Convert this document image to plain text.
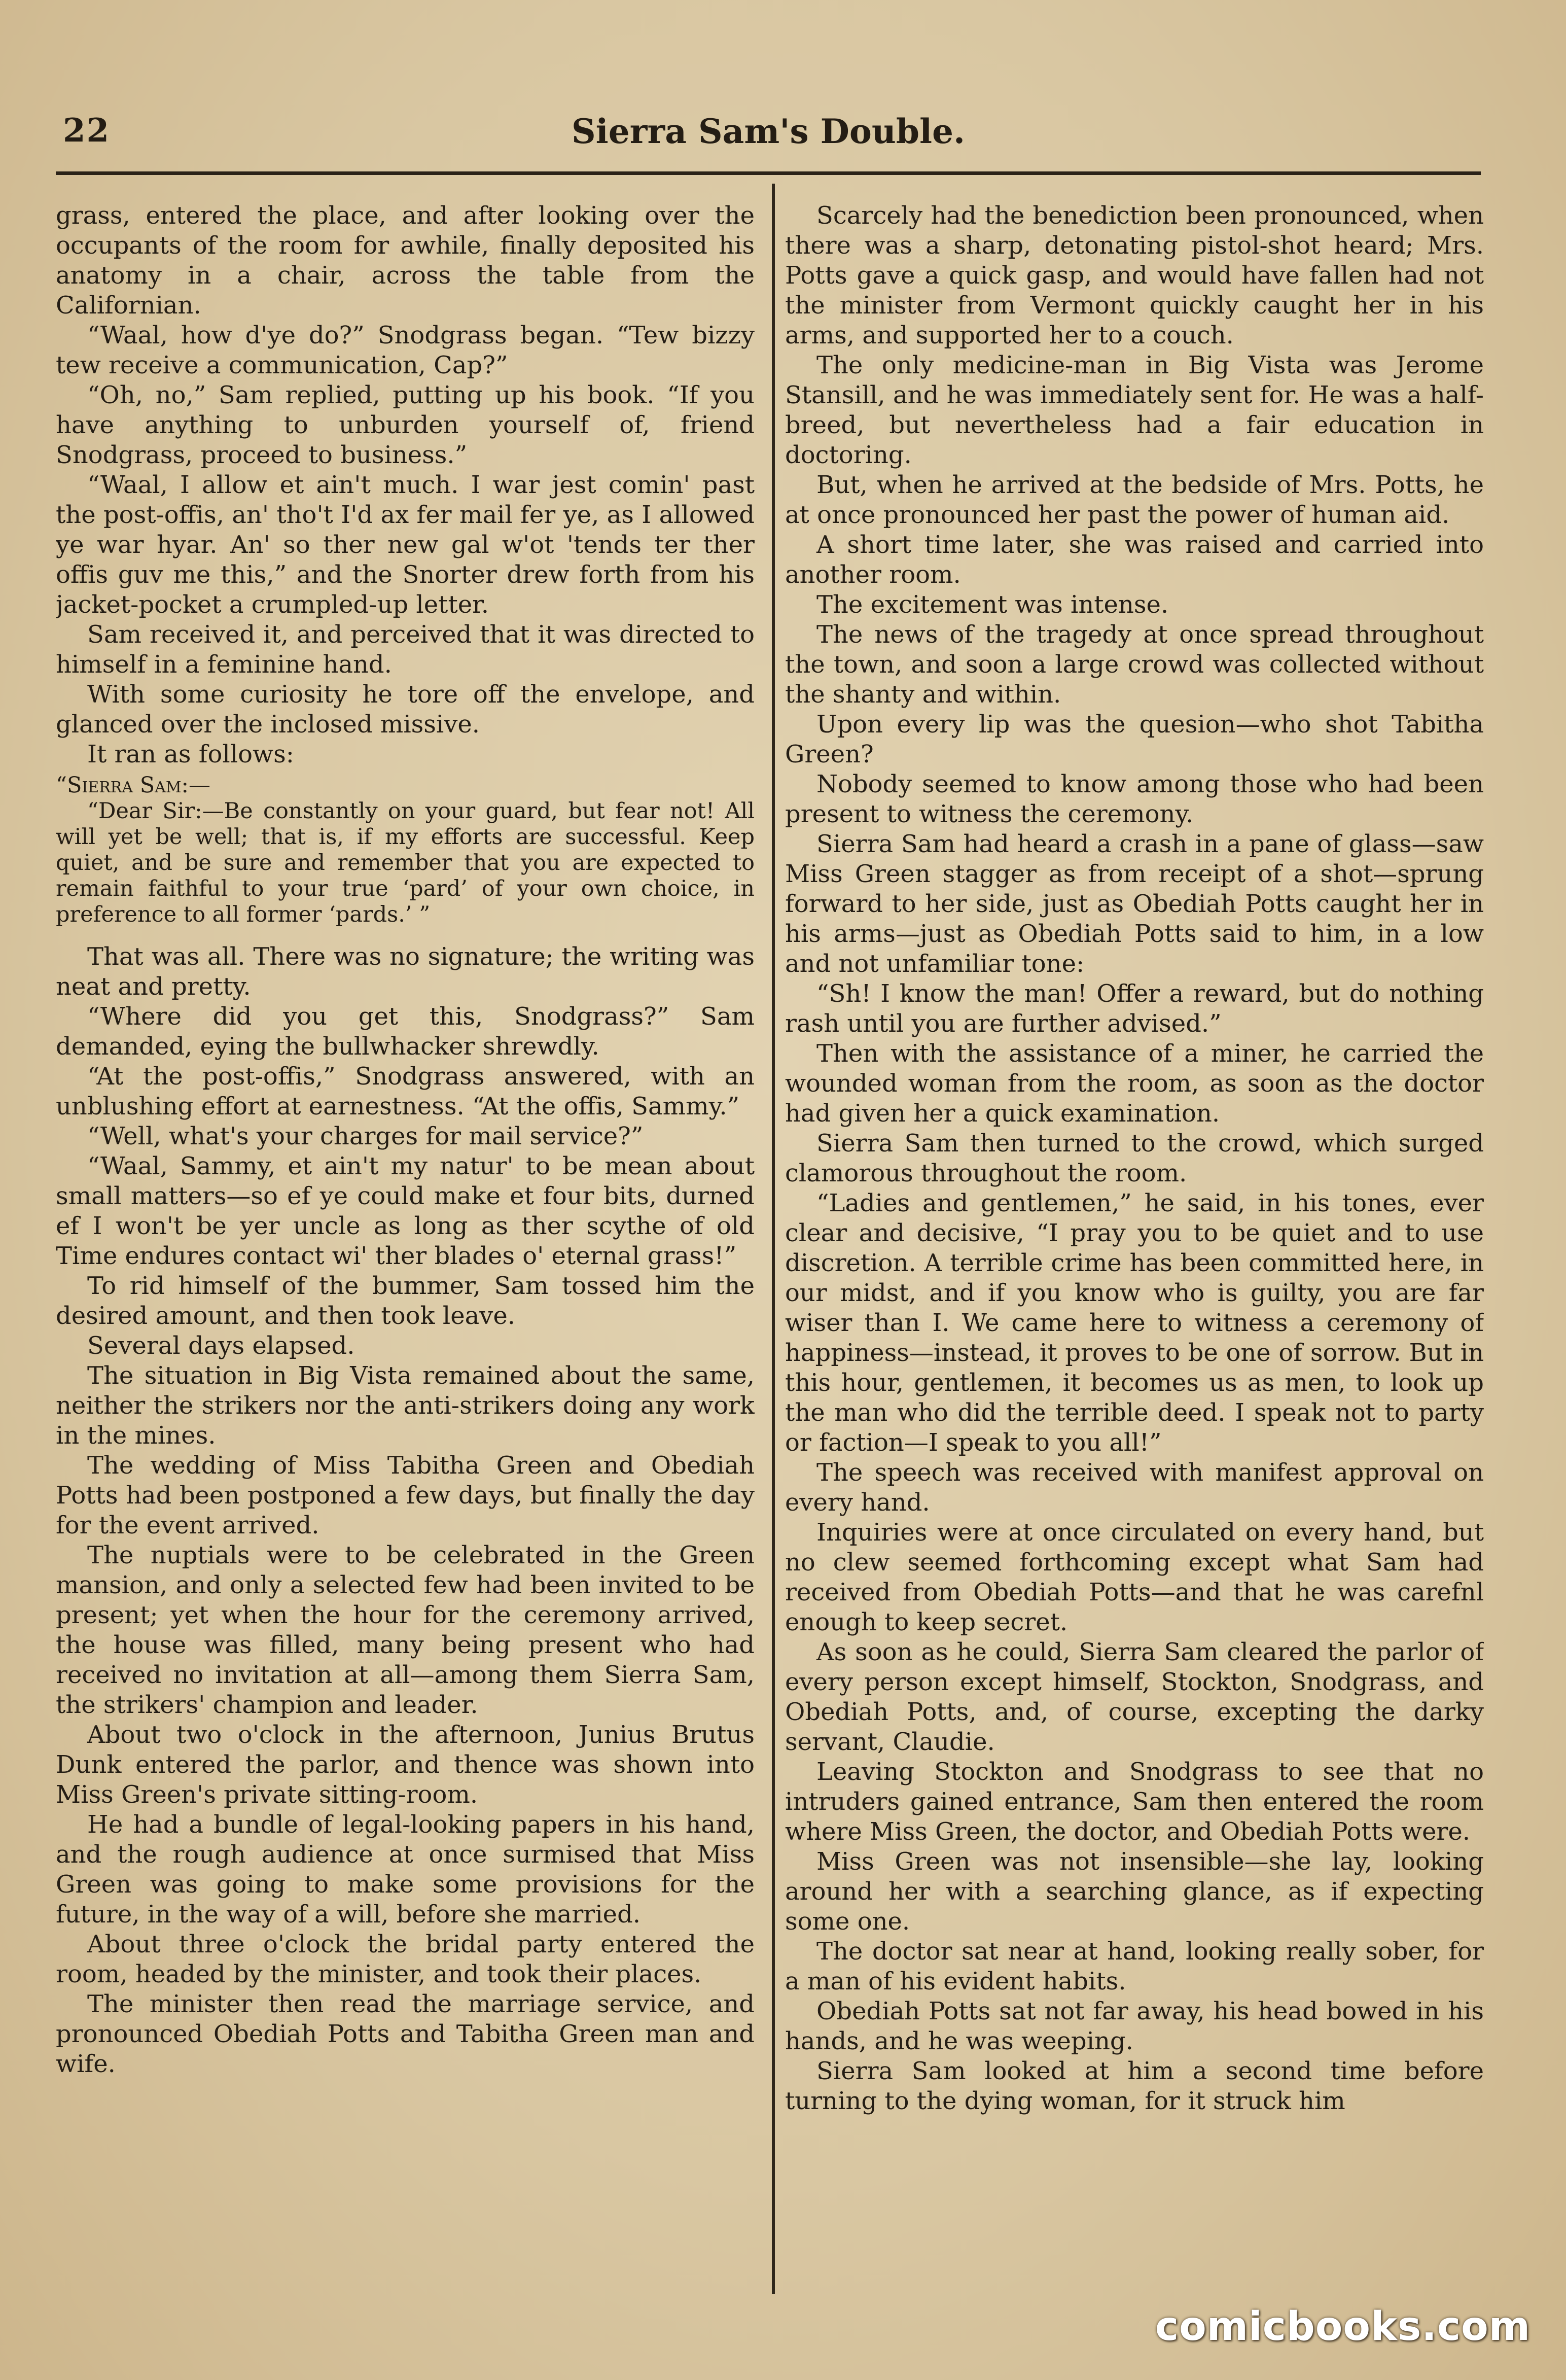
22	Sierra Sam's Double.

grass, entered the place, and after looking over the occupants of the room for awhile, finally deposited his anatomy in a chair, across the table from the Californian.

“Waal, how d'ye do?” Snodgrass began. “Tew bizzy tew receive a communication, Cap?”

“Oh, no,” Sam replied, putting up his book. “If you have anything to unburden yourself of, friend Snodgrass, proceed to business.”

“Waal, I allow et ain't much. I war jest comin' past the post-offis, an' tho't I'd ax fer mail fer ye, as I allowed ye war hyar. An' so ther new gal w'ot 'tends ter ther offis guv me this,” and the Snorter drew forth from his jacket-pocket a crumpled-up letter.

Sam received it, and perceived that it was directed to himself in a feminine hand.

With some curiosity he tore off the envelope, and glanced over the inclosed missive.

It ran as follows:

“Sierra Sam:—

“Dear Sir:—Be constantly on your guard, but fear not! All will yet be well; that is, if my efforts are successful. Keep quiet, and be sure and remember that you are expected to remain faithful to your true ‘pard’ of your own choice, in preference to all former ‘pards.’ ”

That was all. There was no signature; the writing was neat and pretty.

“Where did you get this, Snodgrass?” Sam demanded, eying the bullwhacker shrewdly.

“At the post-offis,” Snodgrass answered, with an unblushing effort at earnestness. “At the offis, Sammy.”

“Well, what's your charges for mail service?”

“Waal, Sammy, et ain't my natur' to be mean about small matters—so ef ye could make et four bits, durned ef I won't be yer uncle as long as ther scythe of old Time endures contact wi' ther blades o' eternal grass!”

To rid himself of the bummer, Sam tossed him the desired amount, and then took leave.

Several days elapsed.

The situation in Big Vista remained about the same, neither the strikers nor the anti-strikers doing any work in the mines.

The wedding of Miss Tabitha Green and Obediah Potts had been postponed a few days, but finally the day for the event arrived.

The nuptials were to be celebrated in the Green mansion, and only a selected few had been invited to be present; yet when the hour for the ceremony arrived, the house was filled, many being present who had received no invitation at all—among them Sierra Sam, the strikers' champion and leader.

About two o'clock in the afternoon, Junius Brutus Dunk entered the parlor, and thence was shown into Miss Green's private sitting-room.

He had a bundle of legal-looking papers in his hand, and the rough audience at once surmised that Miss Green was going to make some provisions for the future, in the way of a will, before she married.

About three o'clock the bridal party entered the room, headed by the minister, and took their places.

The minister then read the marriage service, and pronounced Obediah Potts and Tabitha Green man and wife.

Scarcely had the benediction been pronounced, when there was a sharp, detonating pistol-shot heard; Mrs. Potts gave a quick gasp, and would have fallen had not the minister from Vermont quickly caught her in his arms, and supported her to a couch.

The only medicine-man in Big Vista was Jerome Stansill, and he was immediately sent for. He was a half-breed, but nevertheless had a fair education in doctoring.

But, when he arrived at the bedside of Mrs. Potts, he at once pronounced her past the power of human aid.

A short time later, she was raised and carried into another room.

The excitement was intense.

The news of the tragedy at once spread throughout the town, and soon a large crowd was collected without the shanty and within.

Upon every lip was the quesion—who shot Tabitha Green?

Nobody seemed to know among those who had been present to witness the ceremony.

Sierra Sam had heard a crash in a pane of glass—saw Miss Green stagger as from receipt of a shot—sprung forward to her side, just as Obediah Potts caught her in his arms—just as Obediah Potts said to him, in a low and not unfamiliar tone:

“Sh! I know the man! Offer a reward, but do nothing rash until you are further advised.”

Then with the assistance of a miner, he carried the wounded woman from the room, as soon as the doctor had given her a quick examination.

Sierra Sam then turned to the crowd, which surged clamorous throughout the room.

“Ladies and gentlemen,” he said, in his tones, ever clear and decisive, “I pray you to be quiet and to use discretion. A terrible crime has been committed here, in our midst, and if you know who is guilty, you are far wiser than I. We came here to witness a ceremony of happiness—instead, it proves to be one of sorrow. But in this hour, gentlemen, it becomes us as men, to look up the man who did the terrible deed. I speak not to party or faction—I speak to you all!”

The speech was received with manifest approval on every hand.

Inquiries were at once circulated on every hand, but no clew seemed forthcoming except what Sam had received from Obediah Potts—and that he was carefnl enough to keep secret.

As soon as he could, Sierra Sam cleared the parlor of every person except himself, Stockton, Snodgrass, and Obediah Potts, and, of course, excepting the darky servant, Claudie.

Leaving Stockton and Snodgrass to see that no intruders gained entrance, Sam then entered the room where Miss Green, the doctor, and Obediah Potts were.

Miss Green was not insensible—she lay, looking around her with a searching glance, as if expecting some one.

The doctor sat near at hand, looking really sober, for a man of his evident habits.

Obediah Potts sat not far away, his head bowed in his hands, and he was weeping.

Sierra Sam looked at him a second time before turning to the dying woman, for it struck him

comicbooks.com
